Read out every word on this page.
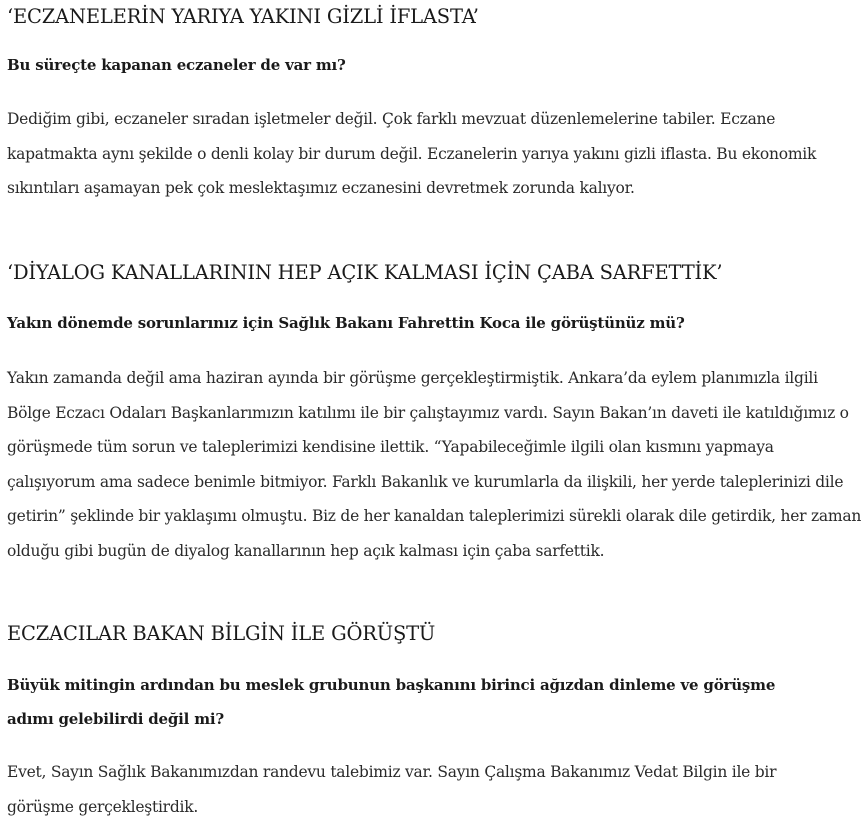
‘ECZANELERİN YARIYA YAKINI GİZLİ İFLASTA’

Bu süreçte kapanan eczaneler de var mı?

Dediğim gibi, eczaneler sıradan işletmeler değil. Çok farklı mevzuat düzenlemelerine tabiler. Eczane kapatmakta aynı şekilde o denli kolay bir durum değil. Eczanelerin yarıya yakını gizli iflasta. Bu ekonomik sıkıntıları aşamayan pek çok meslektaşımız eczanesini devretmek zorunda kalıyor.

‘DİYALOG KANALLARININ HEP AÇIK KALMASI İÇİN ÇABA SARFETTİK’

Yakın dönemde sorunlarınız için Sağlık Bakanı Fahrettin Koca ile görüştünüz mü?

Yakın zamanda değil ama haziran ayında bir görüşme gerçekleştirmiştik. Ankara’da eylem planımızla ilgili Bölge Eczacı Odaları Başkanlarımızın katılımı ile bir çalıştayımız vardı. Sayın Bakan’ın daveti ile katıldığımız o görüşmede tüm sorun ve taleplerimizi kendisine ilettik. “Yapabileceğimle ilgili olan kısmını yapmaya çalışıyorum ama sadece benimle bitmiyor. Farklı Bakanlık ve kurumlarla da ilişkili, her yerde taleplerinizi dile getirin” şeklinde bir yaklaşımı olmuştu. Biz de her kanaldan taleplerimizi sürekli olarak dile getirdik, her zaman olduğu gibi bugün de diyalog kanallarının hep açık kalması için çaba sarfettik.

ECZACILAR BAKAN BİLGİN İLE GÖRÜŞTÜ

Büyük mitingin ardından bu meslek grubunun başkanını birinci ağızdan dinleme ve görüşme adımı gelebilirdi değil mi?

Evet, Sayın Sağlık Bakanımızdan randevu talebimiz var. Sayın Çalışma Bakanımız Vedat Bilgin ile bir görüşme gerçekleştirdik.
